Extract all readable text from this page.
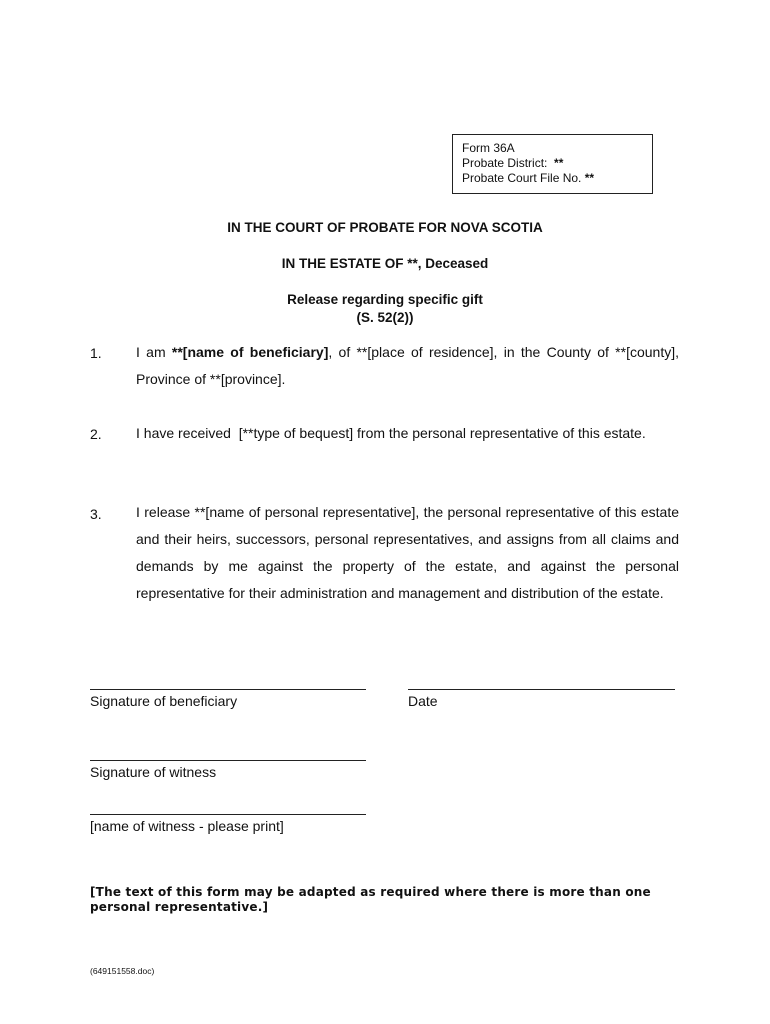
Form 36A
Probate District: **
Probate Court File No. **
IN THE COURT OF PROBATE FOR NOVA SCOTIA
IN THE ESTATE OF **, Deceased
Release regarding specific gift
(S. 52(2))
1. I am **[name of beneficiary], of **[place of residence], in the County of **[county], Province of **[province].
2. I have received  [**type of bequest] from the personal representative of this estate.
3. I release **[name of personal representative], the personal representative of this estate and their heirs, successors, personal representatives, and assigns from all claims and demands by me against the property of the estate, and against the personal representative for their administration and management and distribution of the estate.
Signature of beneficiary	Date
Signature of witness
[name of witness - please print]
[The text of this form may be adapted as required where there is more than one personal representative.]
(649151558.doc)
